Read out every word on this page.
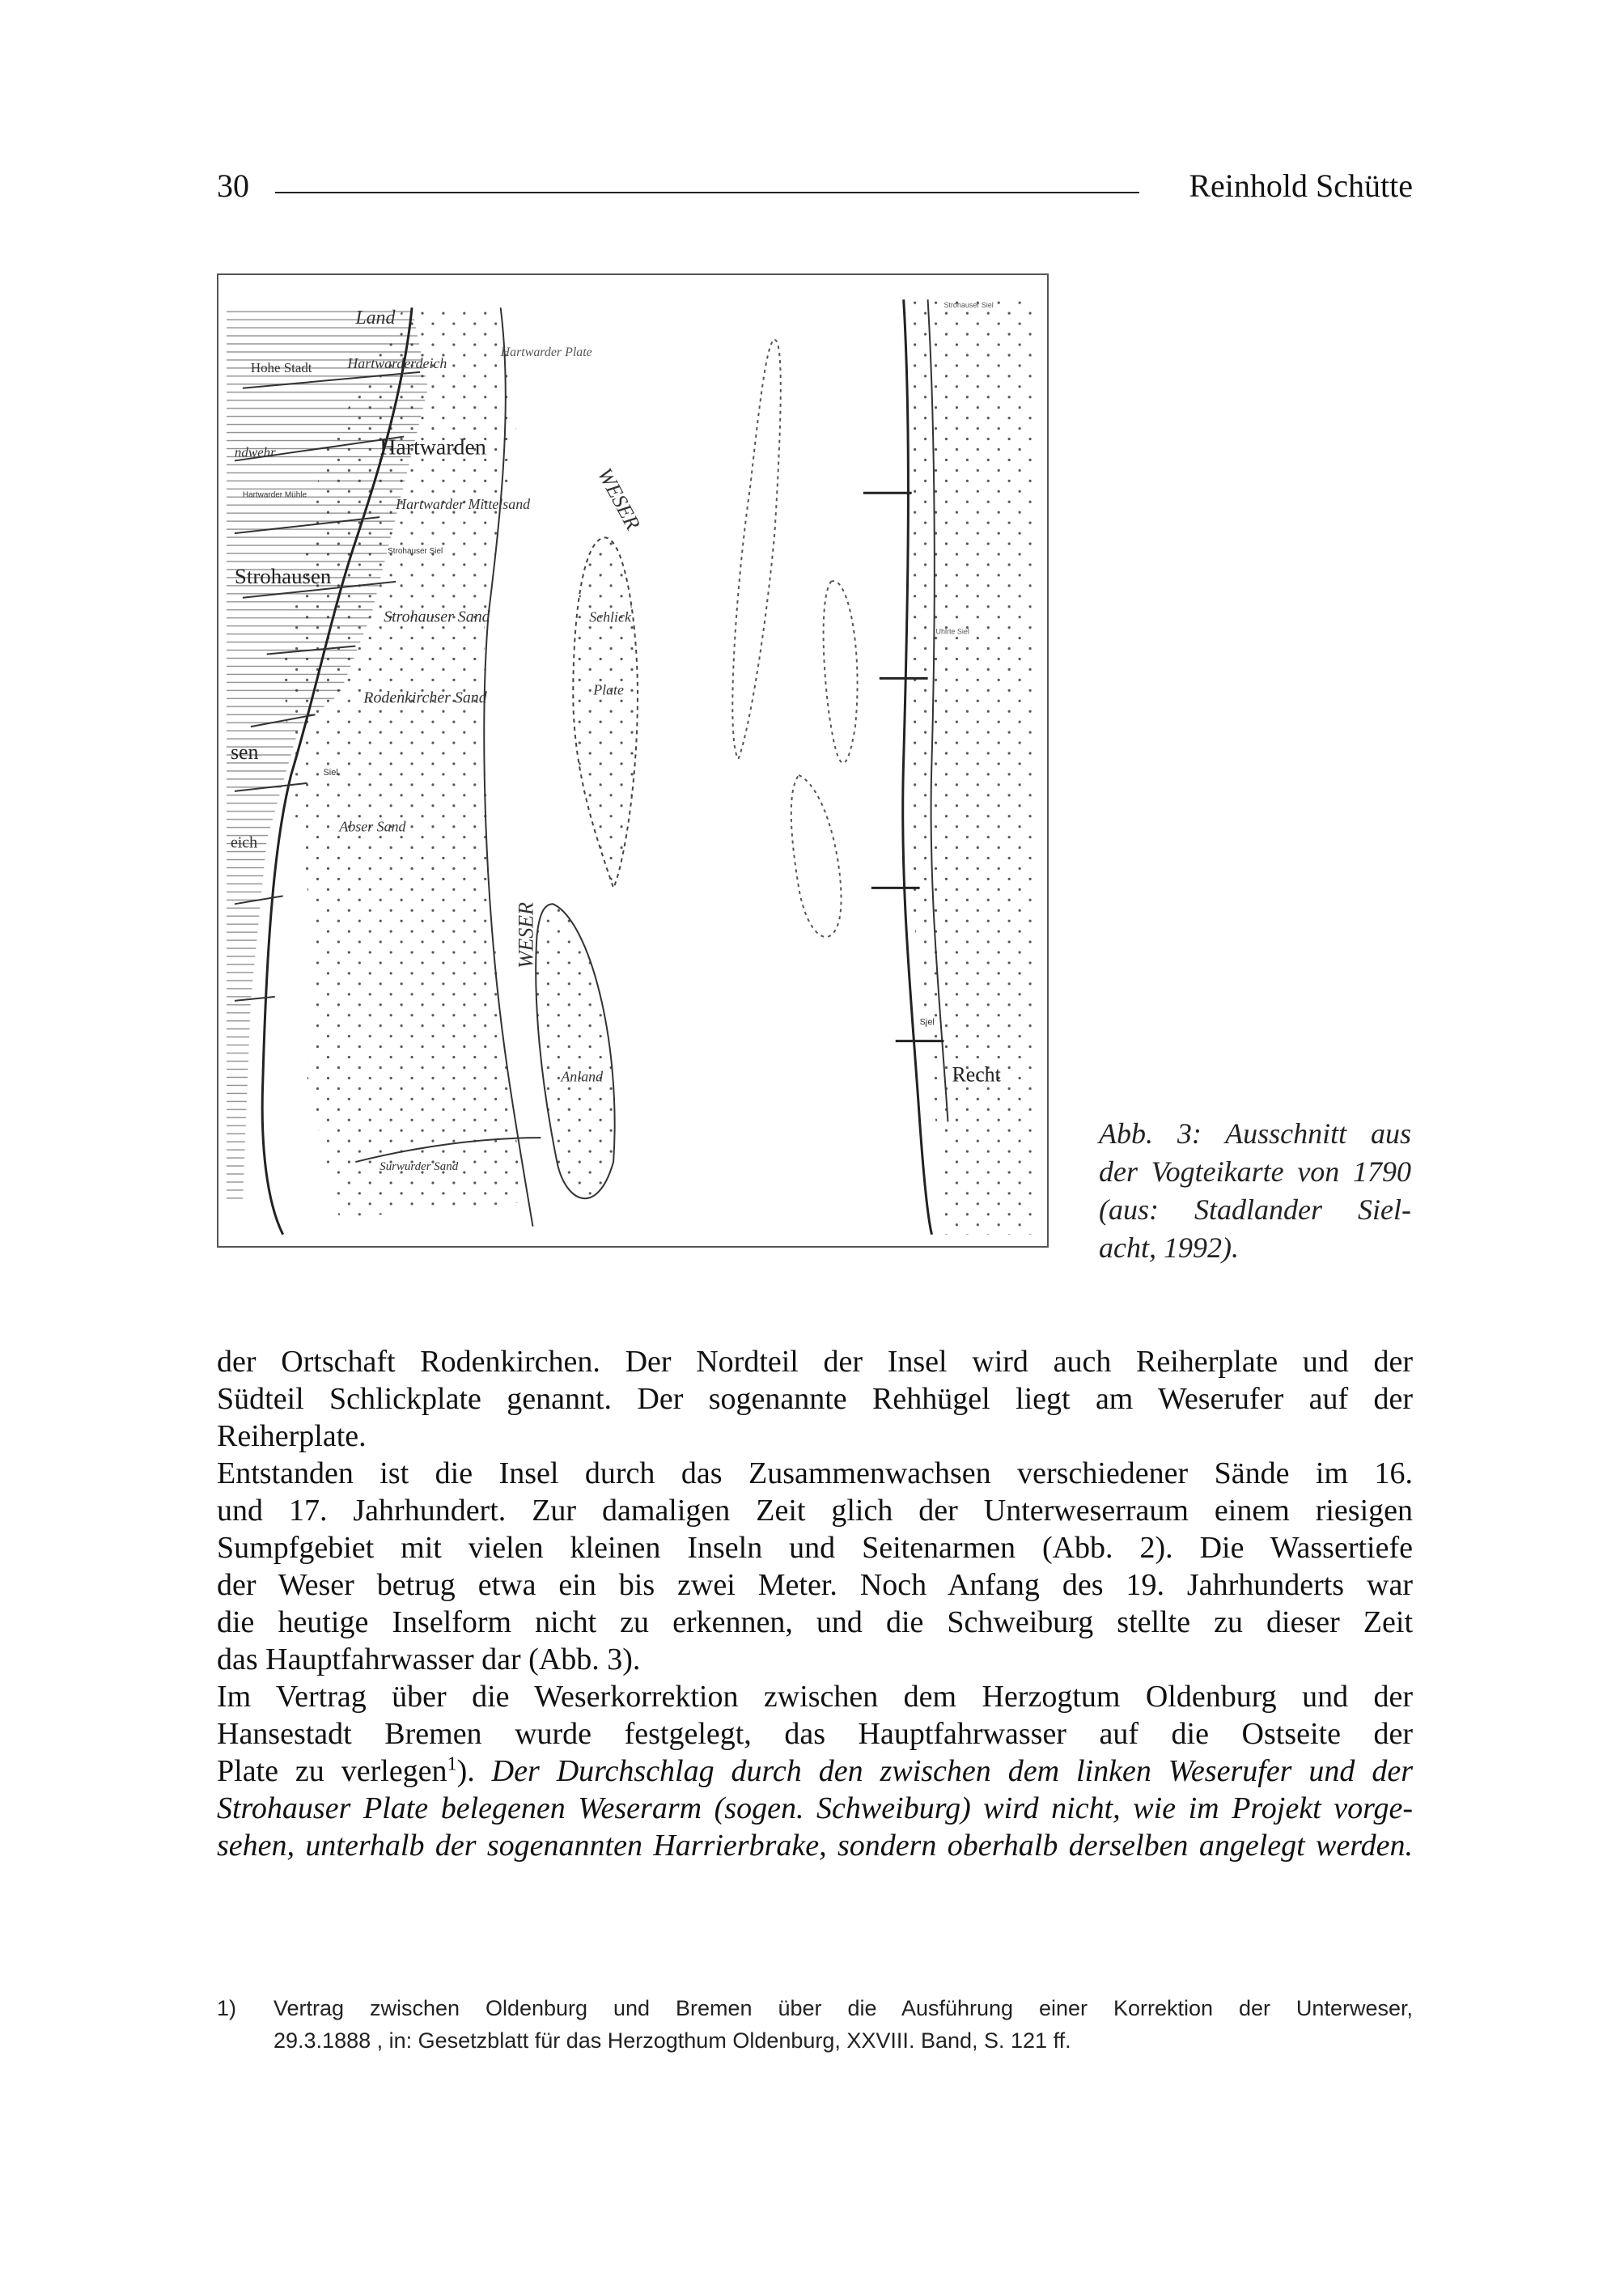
30	Reinhold Schütte
Land
Hohe Stadt Hartwarderdeich
Hartwarder Plate
ndwehr	Hartwarden
Hartwarder Mühle
Hartwarder Mittelsand
Strohauser Siel
Strohausen
Strohauser Sand
Rodenkircher Sand
sen
Siel
Abser Sand
eich
WESER
WESER
Schlick
Plate
Anland
Surwurder Sand
Siel
Recht
Strohauser Siel
Uhlrte Siel
Abb. 3: Ausschnitt aus
der Vogteikarte von 1790
(aus: Stadlander Siel-
acht, 1992).

der Ortschaft Rodenkirchen. Der Nordteil der Insel wird auch Reiherplate und der
Südteil Schlickplate genannt. Der sogenannte Rehhügel liegt am Weserufer auf der
Reiherplate.

Entstanden ist die Insel durch das Zusammenwachsen verschiedener Sände im 16.
und 17. Jahrhundert. Zur damaligen Zeit glich der Unterweserraum einem riesigen
Sumpfgebiet mit vielen kleinen Inseln und Seitenarmen (Abb. 2). Die Wassertiefe
der Weser betrug etwa ein bis zwei Meter. Noch Anfang des 19. Jahrhunderts war
die heutige Inselform nicht zu erkennen, und die Schweiburg stellte zu dieser Zeit
das Hauptfahrwasser dar (Abb. 3).

Im Vertrag über die Weserkorrektion zwischen dem Herzogtum Oldenburg und der
Hansestadt Bremen wurde festgelegt, das Hauptfahrwasser auf die Ostseite der
Plate zu verlegen$^1$). Der Durchschlag durch den zwischen dem linken Weserufer und der
Strohauser Plate belegenen Weserarm (sogen. Schweiburg) wird nicht, wie im Projekt vorge-
sehen, unterhalb der sogenannten Harrierbrake, sondern oberhalb derselben angelegt werden.

1) Vertrag zwischen Oldenburg und Bremen über die Ausführung einer Korrektion der Unterweser,
29.3.1888 , in: Gesetzblatt für das Herzogthum Oldenburg, XXVIII. Band, S. 121 ff.
